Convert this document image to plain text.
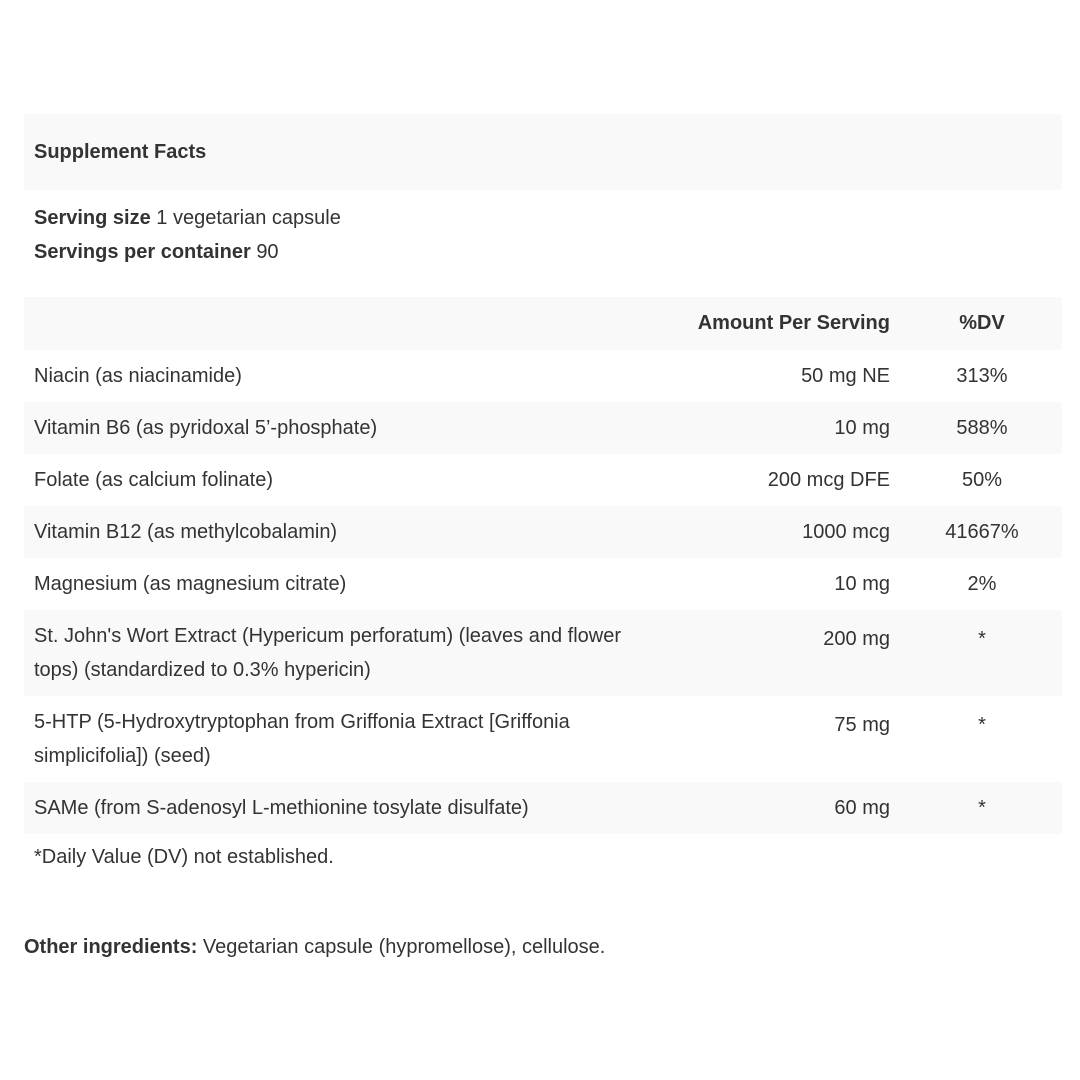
Supplement Facts
Serving size 1 vegetarian capsule
Servings per container 90
	Amount Per Serving	%DV
Niacin (as niacinamide)	50 mg NE	313%
Vitamin B6 (as pyridoxal 5’-phosphate)	10 mg	588%
Folate (as calcium folinate)	200 mcg DFE	50%
Vitamin B12 (as methylcobalamin)	1000 mcg	41667%
Magnesium (as magnesium citrate)	10 mg	2%
St. John's Wort Extract (Hypericum perforatum) (leaves and flower tops) (standardized to 0.3% hypericin)	200 mg	*
5-HTP (5-Hydroxytryptophan from Griffonia Extract [Griffonia simplicifolia]) (seed)	75 mg	*
SAMe (from S-adenosyl L-methionine tosylate disulfate)	60 mg	*
*Daily Value (DV) not established.
Other ingredients: Vegetarian capsule (hypromellose), cellulose.
